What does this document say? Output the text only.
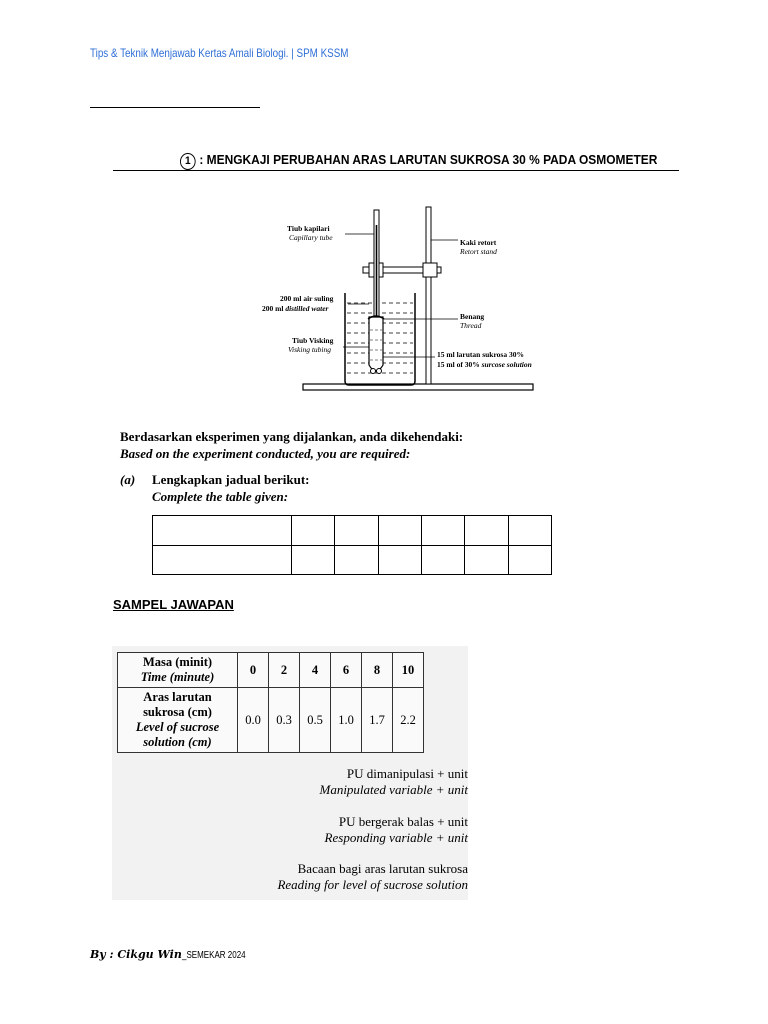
Tips & Teknik Menjawab Kertas Amali Biologi. | SPM KSSM
1 : MENGKAJI PERUBAHAN ARAS LARUTAN SUKROSA 30 % PADA OSMOMETER
Tiub kapilari
Capillary tube
Kaki retort
Retort stand
200 ml air suling
200 ml distilled water
Benang
Thread
Tiub Visking
Visking tubing
15 ml larutan sukrosa 30%
15 ml of 30% surcose solution
Berdasarkan eksperimen yang dijalankan, anda dikehendaki:
Based on the experiment conducted, you are required:
(a) Lengkapkan jadual berikut:
Complete the table given:

SAMPEL JAWAPAN
Masa (minit)
Time (minute)	0	2	4	6	8	10

Aras larutan
sukrosa (cm)
Level of sucrose
solution (cm)	0.0	0.3	0.5	1.0	1.7	2.2
PU dimanipulasi + unit
Manipulated variable + unit
PU bergerak balas + unit
Responding variable + unit
Bacaan bagi aras larutan sukrosa
Reading for level of sucrose solution
By : Cikgu Win_SEMEKAR 2024
